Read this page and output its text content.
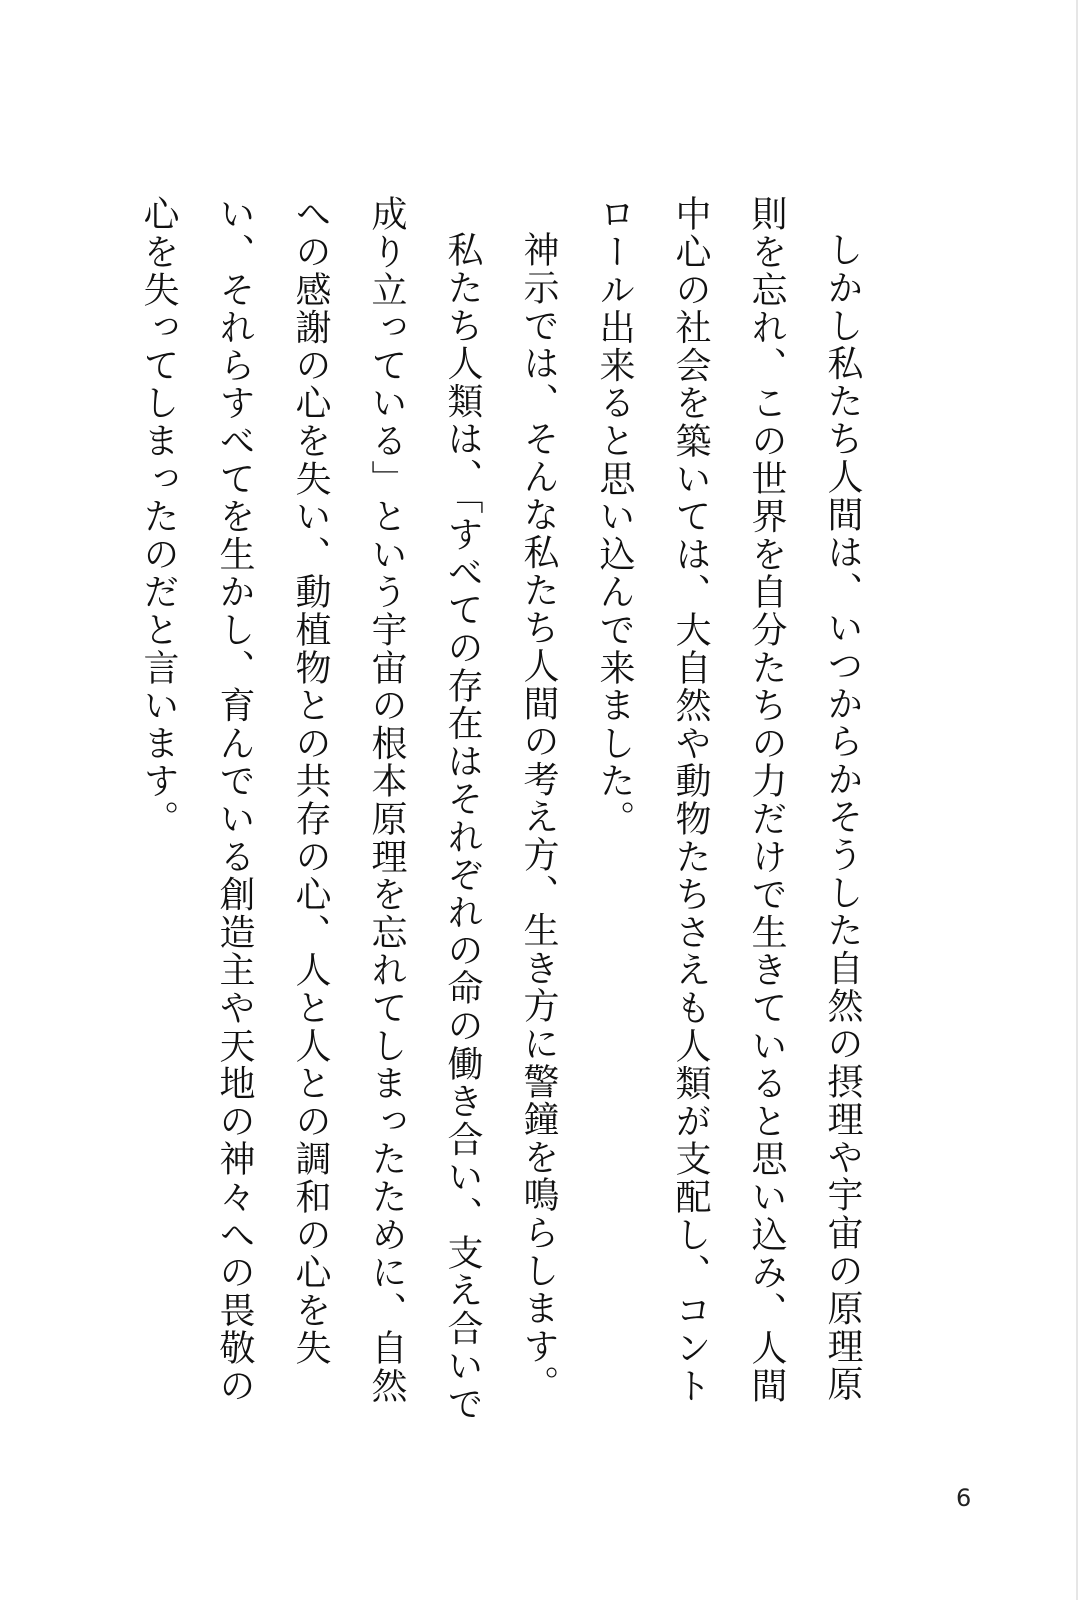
しかし私たち人間は、いつからかそうした自然の摂理や宇宙の原理原則を忘れ、この世界を自分たちの力だけで生きていると思い込み、人間中心の社会を築いては、大自然や動物たちさえも人類が支配し、コントロール出来ると思い込んで来ました。

神示では、そんな私たち人間の考え方、生き方に警鐘を鳴らします。

私たち人類は、「すべての存在はそれぞれの命の働き合い、支え合いで成り立っている」という宇宙の根本原理を忘れてしまったために、自然への感謝の心を失い、動植物との共存の心、人と人との調和の心を失い、それらすべてを生かし、育んでいる創造主や天地の神々への畏敬の心を失ってしまったのだと言います。

6
